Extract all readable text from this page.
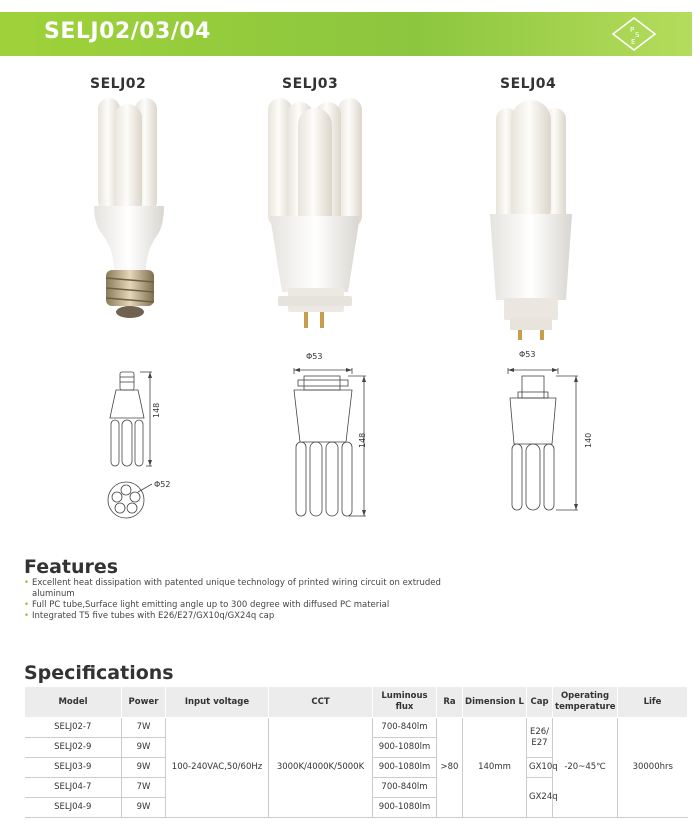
SELJ02/03/04	P
S
E
SELJ02	SELJ03	SELJ04
148
Φ52
Φ53
148
Φ53
140
Features
• Excellent heat dissipation with patented unique technology of printed wiring circuit on extruded aluminum
• Full PC tube,Surface light emitting angle up to 300 degree with diffused PC material
• Integrated T5 five tubes with E26/E27/GX10q/GX24q cap
Specifications
Model	Power	Input voltage	CCT	Luminous flux	Ra	Dimension L	Cap	Operating temperature	Life
SELJ02-7	7W	100-240VAC,50/60Hz	3000K/4000K/5000K	700-840lm	>80	140mm	E26/ E27	-20~45℃	30000hrs
SELJ02-9	9W			900-1080lm					
SELJ03-9	9W			900-1080lm			GX10q		
SELJ04-7	7W			700-840lm			GX24q		
SELJ04-9	9W			900-1080lm					
